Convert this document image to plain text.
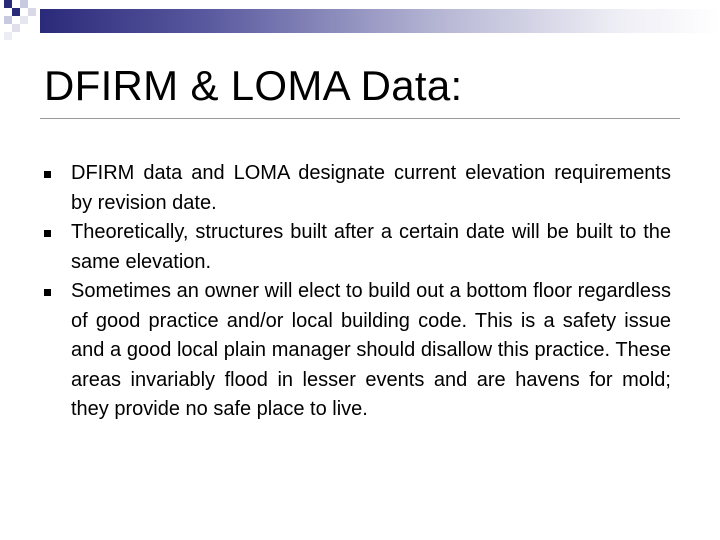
DFIRM & LOMA Data:
DFIRM data and LOMA designate current elevation requirements by revision date.
Theoretically, structures built after a certain date will be built to the same elevation.
Sometimes an owner will elect to build out a bottom floor regardless of good practice and/or local building code. This is a safety issue and a good local plain manager should disallow this practice. These areas invariably flood in lesser events and are havens for mold; they provide no safe place to live.
